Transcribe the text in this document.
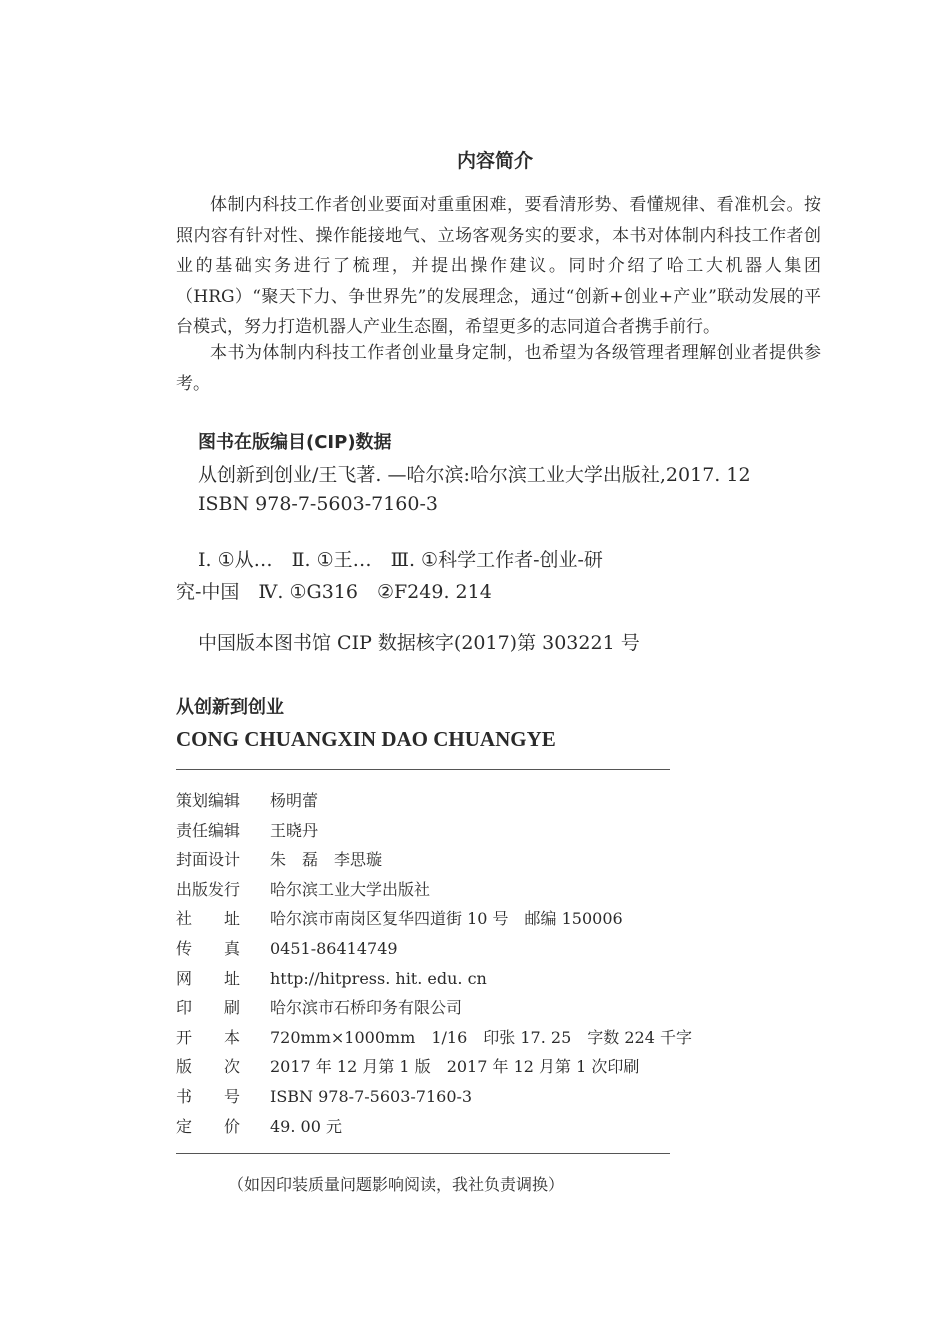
内容简介
体制内科技工作者创业要面对重重困难，要看清形势、看懂规律、看准机会。按照内容有针对性、操作能接地气、立场客观务实的要求，本书对体制内科技工作者创业的基础实务进行了梳理，并提出操作建议。同时介绍了哈工大机器人集团（HRG）“聚天下力、争世界先”的发展理念，通过“创新+创业+产业”联动发展的平台模式，努力打造机器人产业生态圈，希望更多的志同道合者携手前行。
本书为体制内科技工作者创业量身定制，也希望为各级管理者理解创业者提供参考。
图书在版编目(CIP)数据
从创新到创业/王飞著. —哈尔滨:哈尔滨工业大学出版社,2017. 12
ISBN 978-7-5603-7160-3
Ⅰ. ①从…　Ⅱ. ①王…　Ⅲ. ①科学工作者-创业-研
究-中国　Ⅳ. ①G316　②F249. 214
中国版本图书馆 CIP 数据核字(2017)第 303221 号
从创新到创业
CONG CHUANGXIN DAO CHUANGYE
策划编辑	杨明蕾
责任编辑	王晓丹
封面设计	朱　磊　李思璇
出版发行	哈尔滨工业大学出版社
社　　址	哈尔滨市南岗区复华四道街 10 号　邮编 150006
传　　真	0451-86414749
网　　址	http://hitpress. hit. edu. cn
印　　刷	哈尔滨市石桥印务有限公司
开　　本	720mm×1000mm　1/16　印张 17. 25　字数 224 千字
版　　次	2017 年 12 月第 1 版　2017 年 12 月第 1 次印刷
书　　号	ISBN 978-7-5603-7160-3
定　　价	49. 00 元
（如因印装质量问题影响阅读，我社负责调换）
